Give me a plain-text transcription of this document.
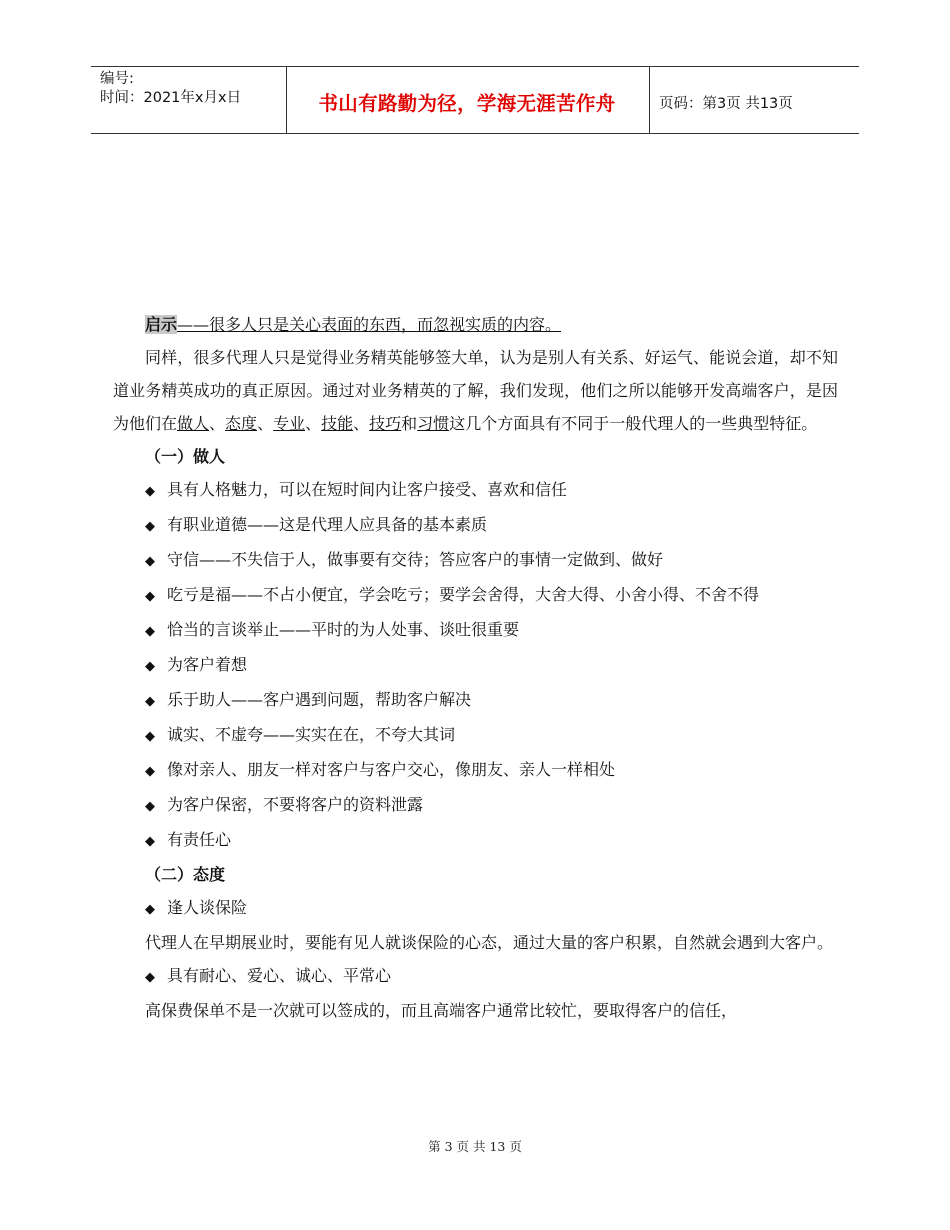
编号:
时间：2021年x月x日	书山有路勤为径，学海无涯苦作舟	页码：第3页 共13页
启示——很多人只是关心表面的东西，而忽视实质的内容。
同样，很多代理人只是觉得业务精英能够签大单，认为是别人有关系、好运气、能说会道，却不知道业务精英成功的真正原因。通过对业务精英的了解，我们发现，他们之所以能够开发高端客户，是因为他们在做人、态度、专业、技能、技巧和习惯这几个方面具有不同于一般代理人的一些典型特征。
（一）做人
◆ 具有人格魅力，可以在短时间内让客户接受、喜欢和信任
◆ 有职业道德——这是代理人应具备的基本素质
◆ 守信——不失信于人，做事要有交待；答应客户的事情一定做到、做好
◆ 吃亏是福——不占小便宜，学会吃亏；要学会舍得，大舍大得、小舍小得、不舍不得
◆ 恰当的言谈举止——平时的为人处事、谈吐很重要
◆ 为客户着想
◆ 乐于助人——客户遇到问题，帮助客户解决
◆ 诚实、不虚夸——实实在在，不夸大其词
◆ 像对亲人、朋友一样对客户与客户交心，像朋友、亲人一样相处
◆ 为客户保密，不要将客户的资料泄露
◆ 有责任心
（二）态度
◆ 逢人谈保险
代理人在早期展业时，要能有见人就谈保险的心态，通过大量的客户积累，自然就会遇到大客户。
◆ 具有耐心、爱心、诚心、平常心
高保费保单不是一次就可以签成的，而且高端客户通常比较忙，要取得客户的信任，
第 3 页 共 13 页
